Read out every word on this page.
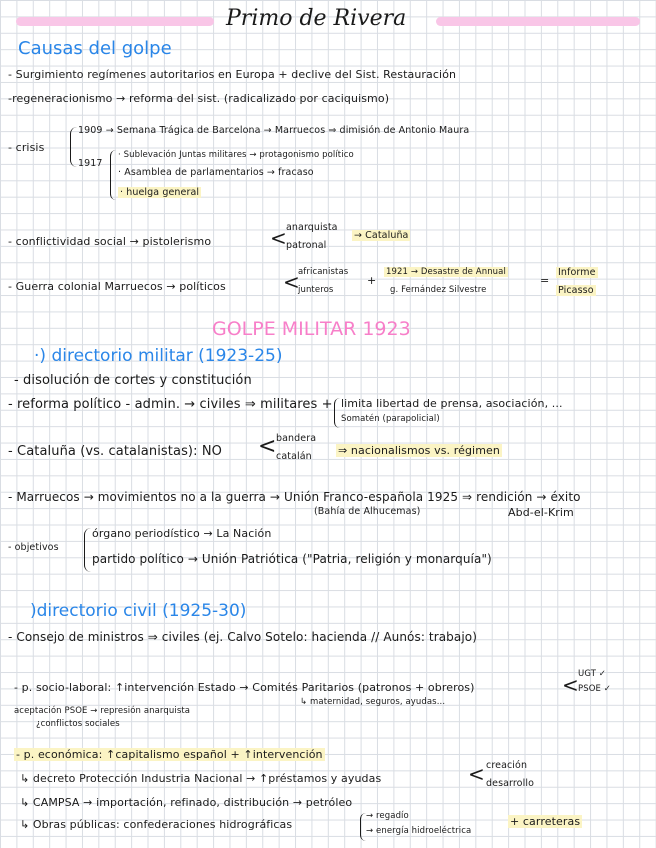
Primo de Rivera
Causas del golpe
- Surgimiento regímenes autoritarios en Europa + declive del Sist. Restauración
-regeneracionismo → reforma del sist. (radicalizado por caciquismo)
- crisis
1909 → Semana Trágica de Barcelona → Marruecos ⇒ dimisión de Antonio Maura
1917
· Sublevación Juntas militares → protagonismo político
· Asamblea de parlamentarios → fracaso
· huelga general
- conflictividad social → pistolerismo	< anarquista
patronal
→ Cataluña
- Guerra colonial Marruecos → políticos	<
africanistas
junteros
+
1921 → Desastre de Annual
g. Fernández Silvestre
=
Informe
Picasso
GOLPE MILITAR 1923
·) directorio militar (1923-25)
- disolución de cortes y constitución
- reforma político - admin. → civiles ⇒ militares + limita libertad de prensa, asociación, ...
Somatén (parapolicial)
- Cataluña (vs. catalanistas): NO < bandera
catalán ⇒ nacionalismos vs. régimen
- Marruecos → movimientos no a la guerra → Unión Franco-española 1925 ⇒ rendición → éxito
(Bahía de Alhucemas)	Abd-el-Krim
- objetivos
órgano periodístico → La Nación
partido político → Unión Patriótica ("Patria, religión y monarquía")
)directorio civil (1925-30)
- Consejo de ministros ⇒ civiles (ej. Calvo Sotelo: hacienda // Aunós: trabajo)
- p. socio-laboral: ↑intervención Estado → Comités Paritarios (patronos + obreros)	< UGT ✓
PSOE ✓
↳ maternidad, seguros, ayudas...
aceptación PSOE → represión anarquista
¿conflictos sociales
- p. económica: ↑capitalismo español + ↑intervención
↳ decreto Protección Industria Nacional → ↑préstamos y ayudas	< creación
desarrollo
↳ CAMPSA → importación, refinado, distribución → petróleo
↳ Obras públicas: confederaciones hidrográficas
→ regadío
→ energía hidroeléctrica
+ carreteras
